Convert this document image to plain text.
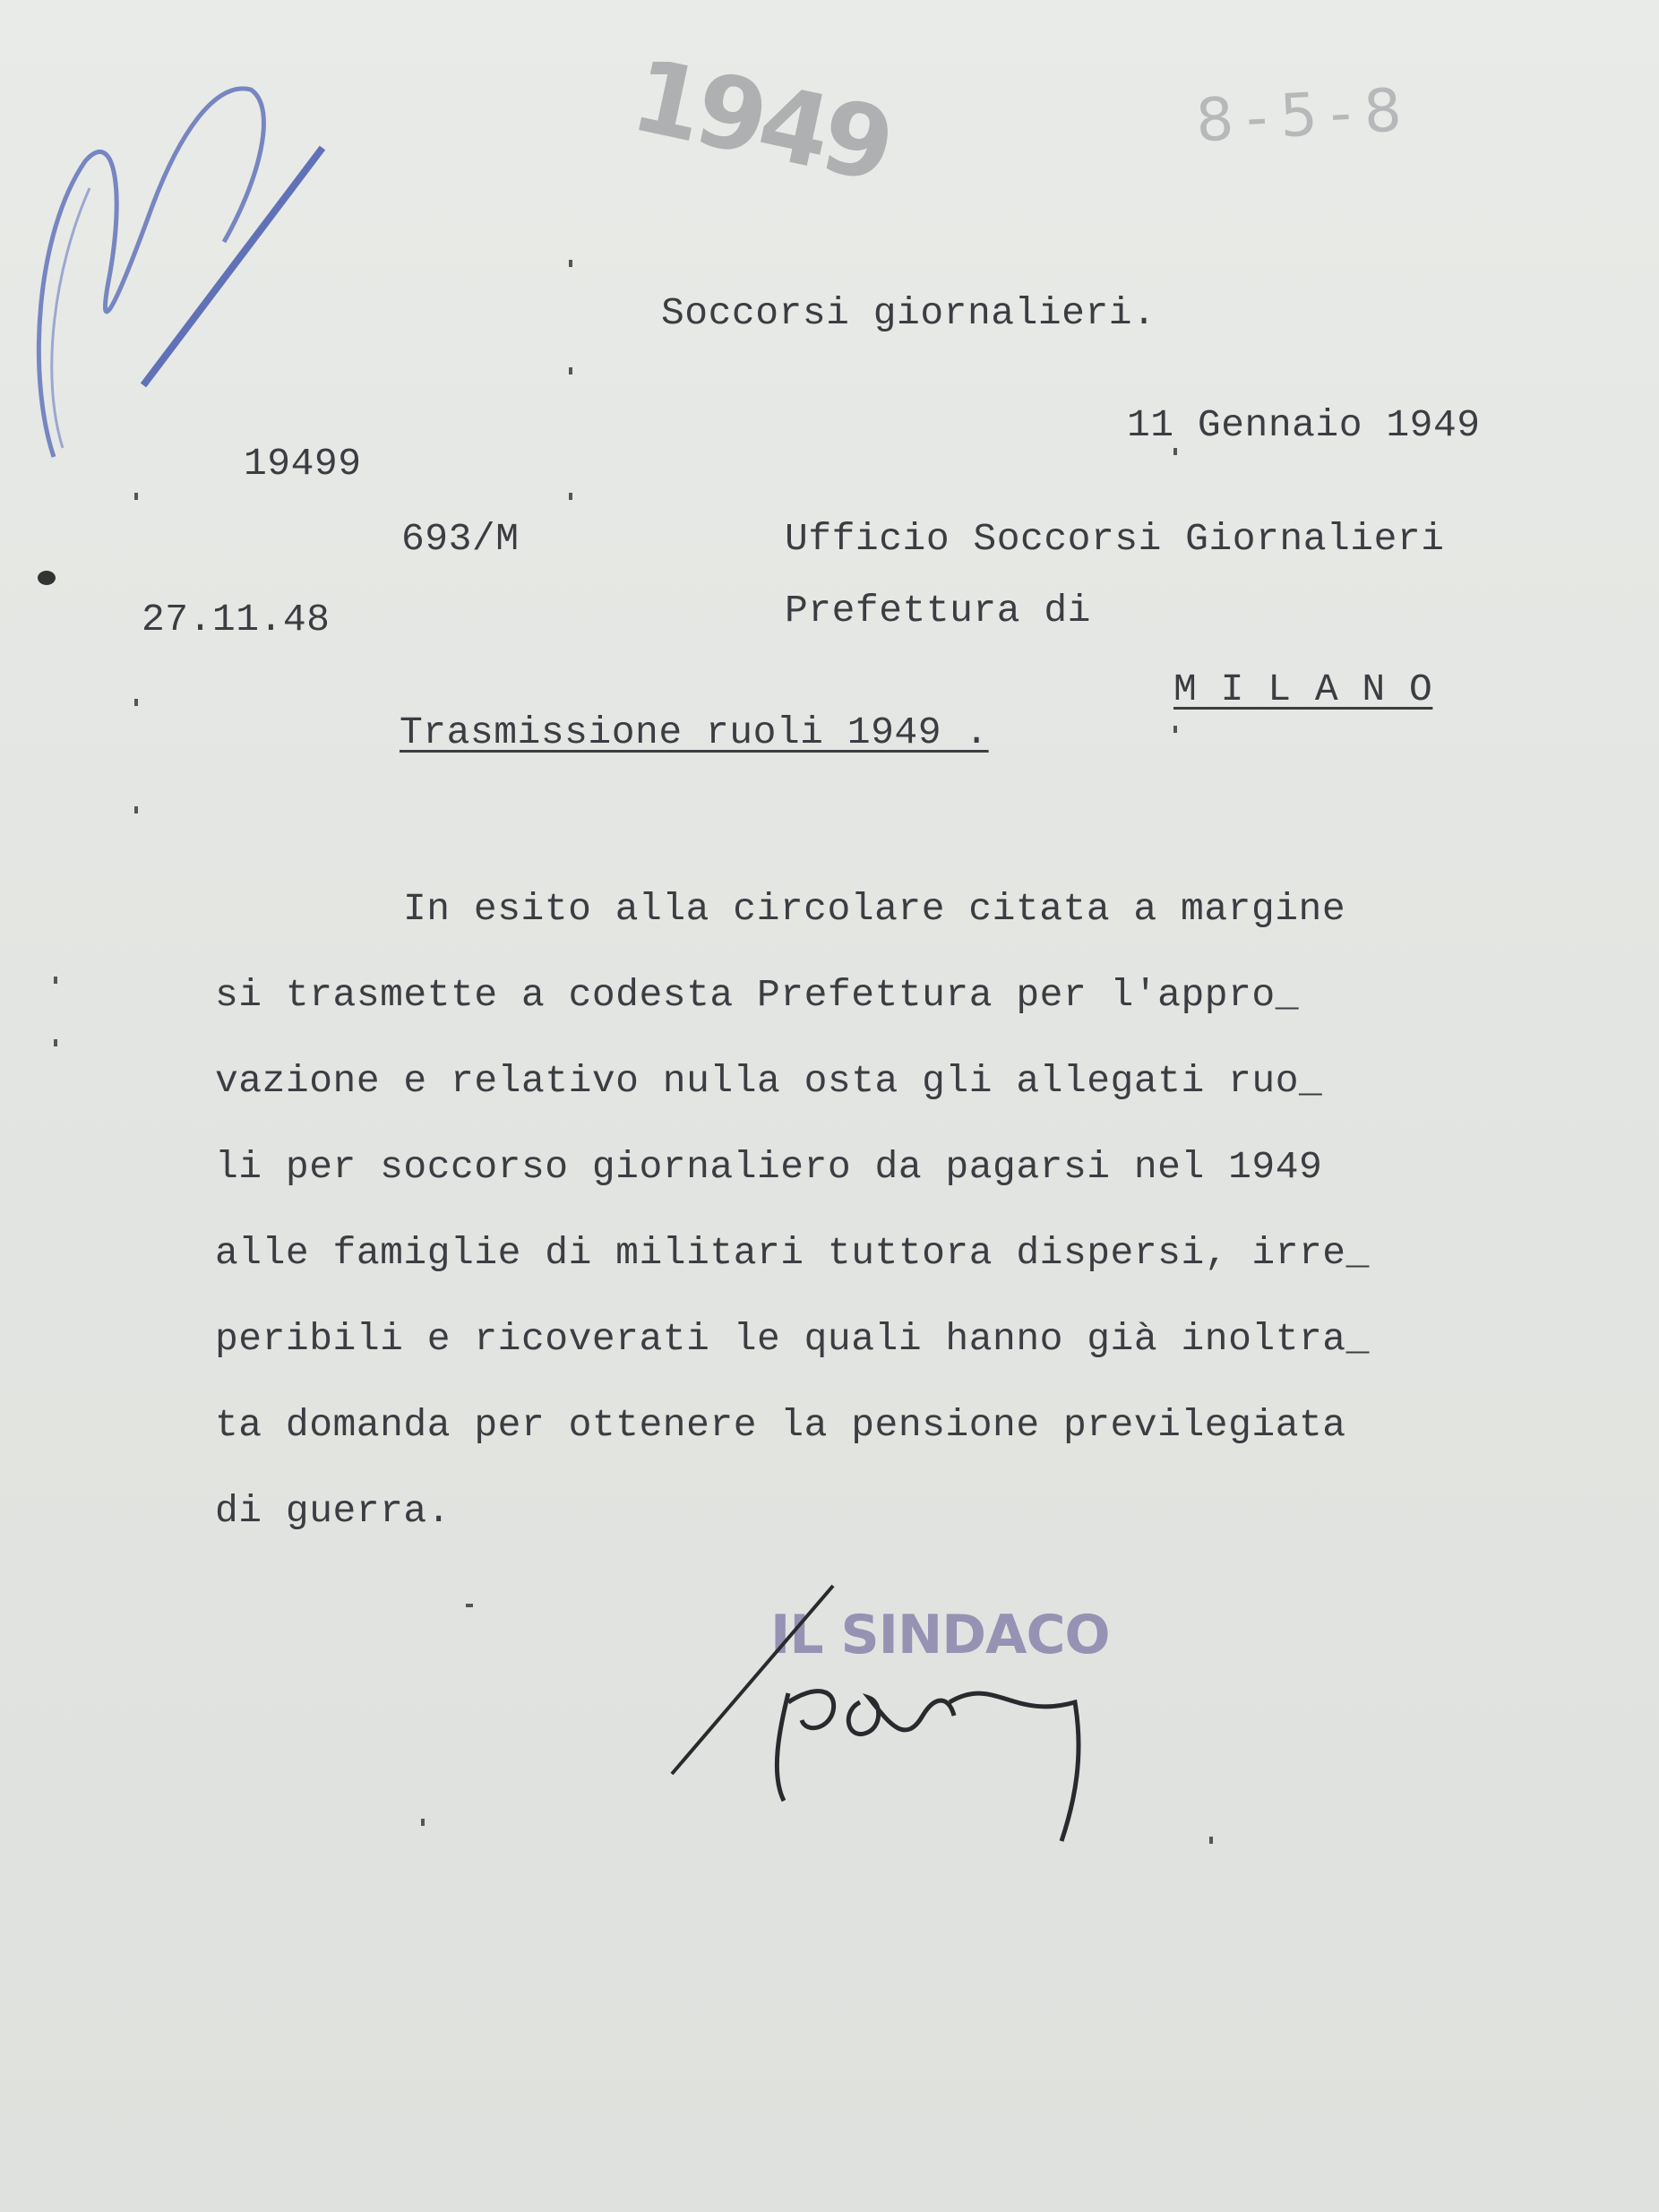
1949	8-5-8
Soccorsi giornalieri.
11 Gennaio 1949
19499
693/M
27.11.48
Ufficio Soccorsi Giornalieri
Prefettura di
M I L A N O
Trasmissione ruoli 1949 .
In esito alla circolare citata a margine
si trasmette a codesta Prefettura per l'appro_
vazione e relativo nulla osta gli allegati ruo_
li per soccorso giornaliero da pagarsi nel 1949
alle famiglie di militari tuttora dispersi, irre_
peribili e ricoverati le quali hanno già inoltra_
ta domanda per ottenere la pensione previlegiata
di guerra.
IL SINDACO
